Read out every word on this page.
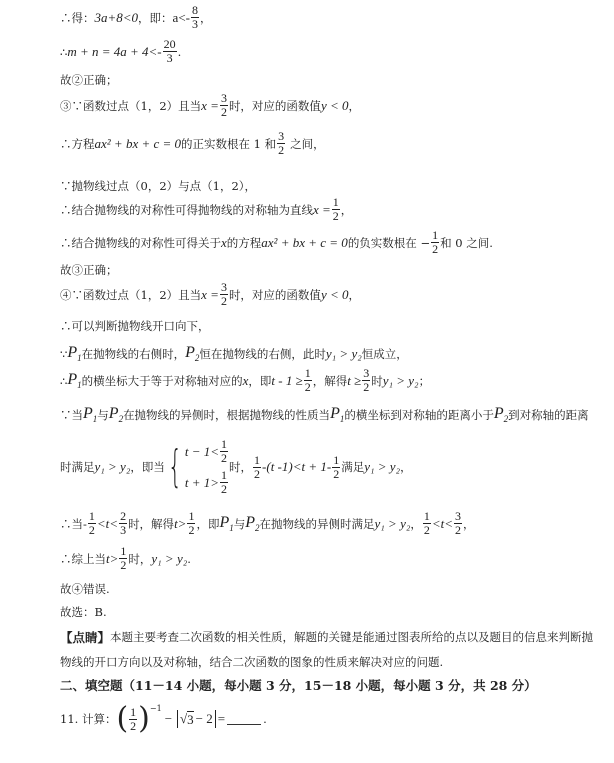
∴得： 3a+8<0 ，即： $a<- \frac{8}{3}$ ，
∴ $m + n = 4a + 4<- \frac{20}{3}$ .
故②正确；
③∵函数过点（1，2）且当 $x = \frac{3}{2}$ 时，对应的函数值 y < 0 ，
∴方程 ax² + bx + c = 0 的正实数根在 1 和 $\frac{3}{2}$ 之间，
∵抛物线过点（0，2）与点（1，2），
∴结合抛物线的对称性可得抛物线的对称轴为直线 $x = \frac{1}{2}$ ，
∴结合抛物线的对称性可得关于 x 的方程 ax² + bx + c = 0 的负实数根在 − $\frac{1}{2}$ 和 0 之间.
故③正确；
④∵函数过点（1，2）且当 $x = \frac{3}{2}$ 时，对应的函数值 y < 0 ，
∴可以判断抛物线开口向下，
∵ $P_1$ 在抛物线的右侧时， $P_2$ 恒在抛物线的右侧，此时 y₁ > y₂ 恒成立，
∴ $P_1$ 的横坐标大于等于对称轴对应的 x ，即 $t - 1 \ge \frac{1}{2}$ ，解得 $t \ge \frac{3}{2}$ 时 y₁ > y₂ ；
∵当 $P_1$ 与 $P_2$ 在抛物线的异侧时，根据抛物线的性质当 $P_1$ 的横坐标到对称轴的距离小于 $P_2$ 到对称轴的距离
时满足 y₁ > y₂ ，即当 { $t - 1< \frac{1}{2}$
$t + 1> \frac{1}{2}$
时， $\frac{1}{2} -(t$ $-1)<t + 1- \frac{1}{2}$ 满足 y₁ > y₂ ，
∴当- $\frac{1}{2} <t< \frac{2}{3}$ 时，解得 $t> \frac{1}{2}$ ，即 $P_1$ 与 $P_2$ 在抛物线的异侧时满足 y₁ > y₂ ， $\frac{1}{2} <t< \frac{3}{2}$ ，
∴综上当 $t> \frac{1}{2}$ 时， y₁ > y₂ .
故④错误.
故选：B.
【点睛】 本题主要考查二次函数的相关性质，解题的关键是能通过图表所给的点以及题目的信息来判断抛
物线的开口方向以及对称轴，结合二次函数的图象的性质来解决对应的问题.
二、填空题（11－14 小题，每小题 3 分，15－18 小题，每小题 3 分，共 28 分）
11. 计算： ( $\frac{1}{2} )^{-1}$
− √ 3 − 2 =	.
